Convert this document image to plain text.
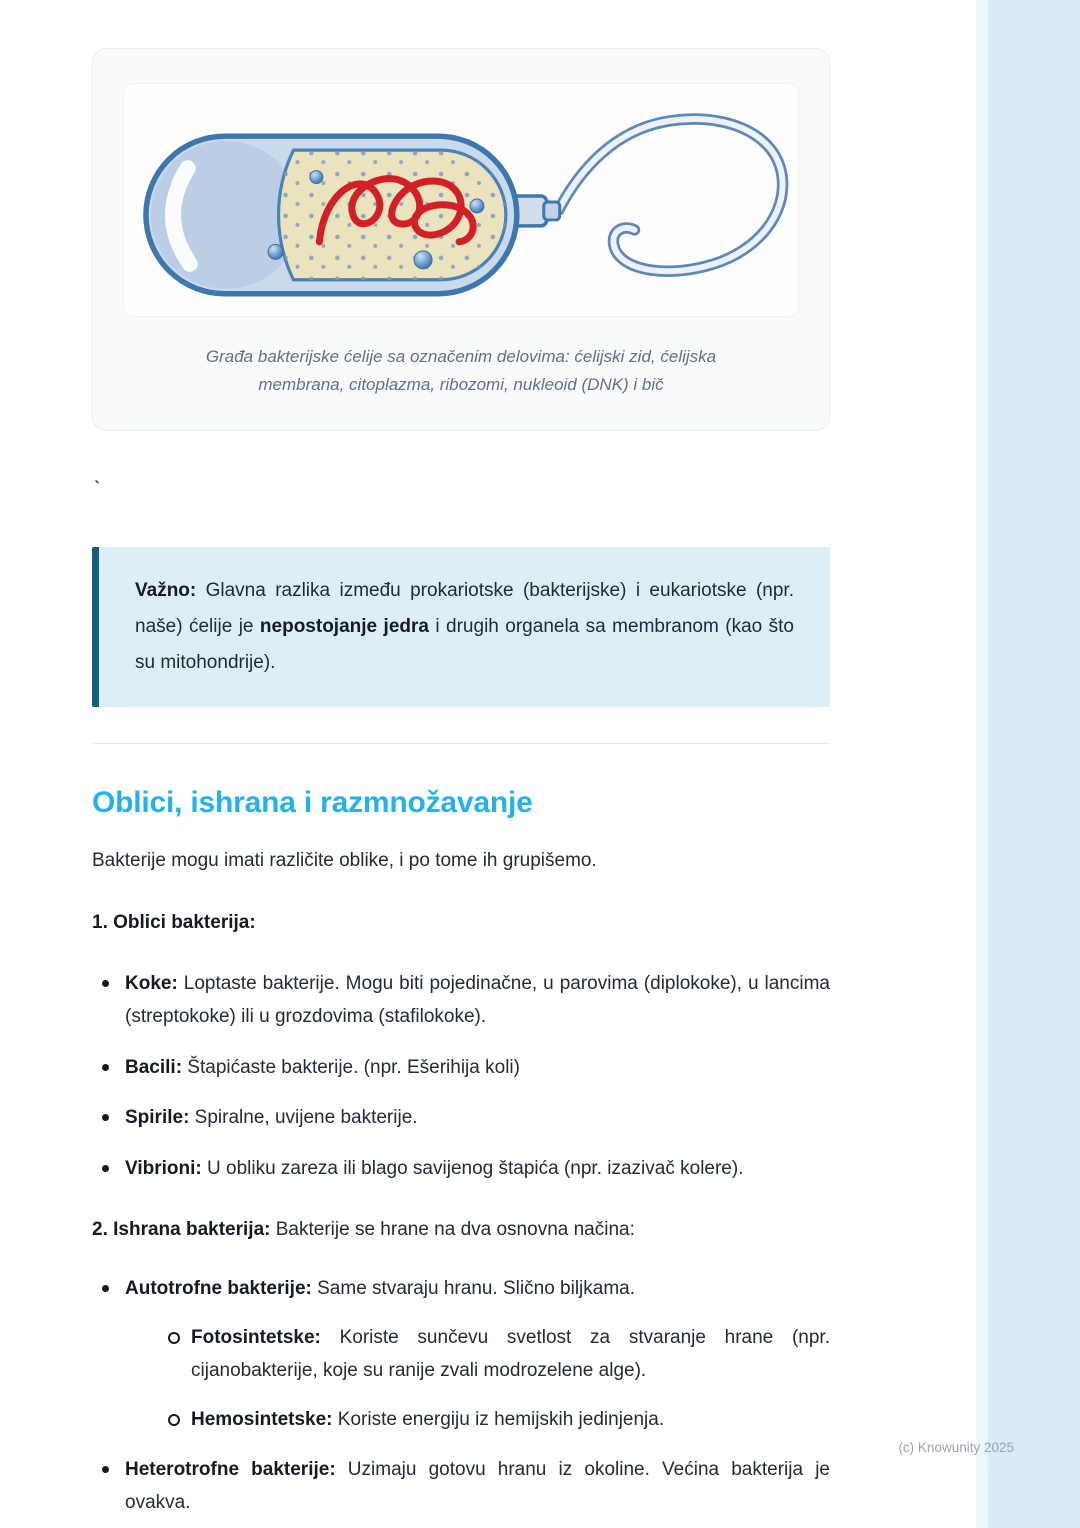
Građa bakterijske ćelije sa označenim delovima: ćelijski zid, ćelijska membrana, citoplazma, ribozomi, nukleoid (DNK) i bič
`

Važno: Glavna razlika između prokariotske (bakterijske) i eukariotske (npr. naše) ćelije je nepostojanje jedra i drugih organela sa membranom (kao što su mitohondrije).

Oblici, ishrana i razmnožavanje

Bakterije mogu imati različite oblike, i po tome ih grupišemo.

1. Oblici bakterija:

Koke: Loptaste bakterije. Mogu biti pojedinačne, u parovima (diplokoke), u lancima (streptokoke) ili u grozdovima (stafilokoke).
Bacili: Štapićaste bakterije. (npr. Ešerihija koli)
Spirile: Spiralne, uvijene bakterije.
Vibrioni: U obliku zareza ili blago savijenog štapića (npr. izazivač kolere).

2. Ishrana bakterija: Bakterije se hrane na dva osnovna načina:

Autotrofne bakterije: Same stvaraju hranu. Slično biljkama.
Fotosintetske: Koriste sunčevu svetlost za stvaranje hrane (npr. cijanobakterije, koje su ranije zvali modrozelene alge).
Hemosintetske: Koriste energiju iz hemijskih jedinjenja.
Heterotrofne bakterije: Uzimaju gotovu hranu iz okoline. Većina bakterija je ovakva.
(c) Knowunity 2025
